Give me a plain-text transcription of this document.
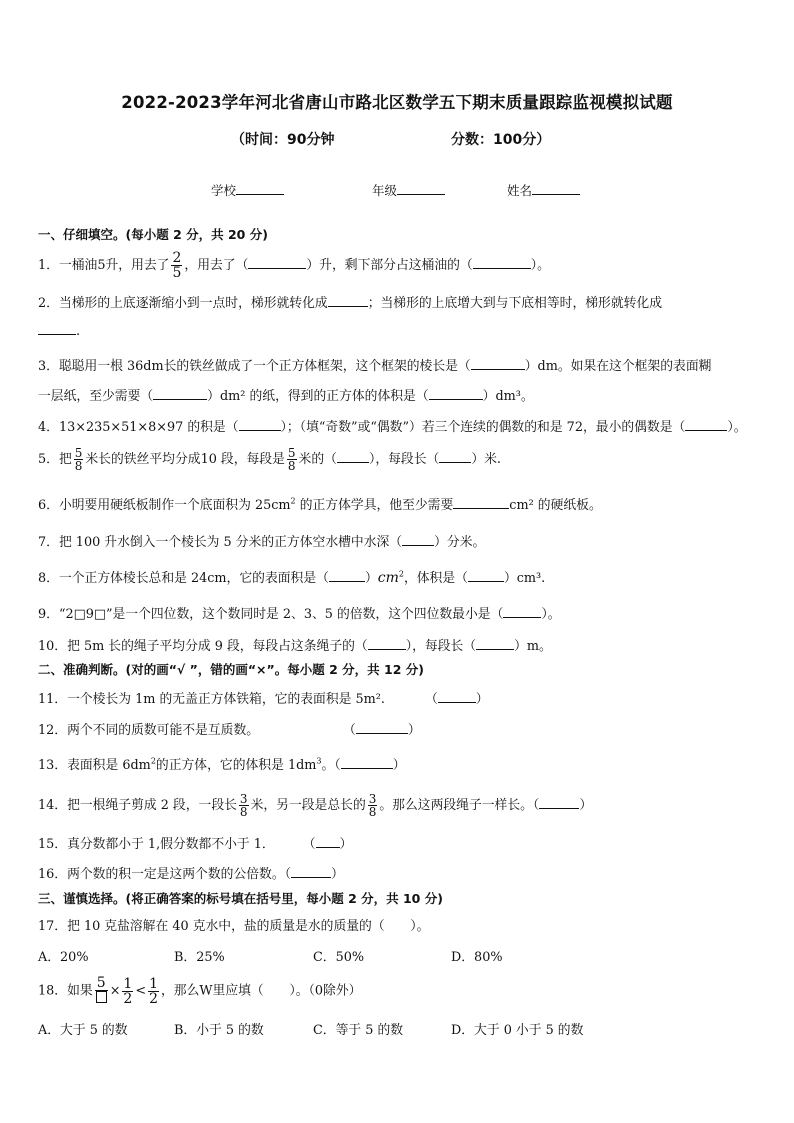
2022-2023学年河北省唐山市路北区数学五下期末质量跟踪监视模拟试题
（时间：90分钟	分数：100分）
学校	年级	姓名
一、仔细填空。(每小题 2 分，共 20 分)
1．一桶油5升，用去了 $\frac{2}{5}$ ，用去了（	）升，剩下部分占这桶油的（	）。
2．当梯形的上底逐渐缩小到一点时，梯形就转化成	；当梯形的上底增大到与下底相等时，梯形就转化成
.
3．聪聪用一根 36dm长的铁丝做成了一个正方体框架，这个框架的棱长是（	）dm。如果在这个框架的表面糊
一层纸，至少需要（	）dm² 的纸，得到的正方体的体积是（	）dm³。
4．13×235×51×8×97 的积是（	）；（填“奇数”或“偶数”）若三个连续的偶数的和是 72，最小的偶数是（	）。
5．把 $\frac{5}{8}$ 米长的铁丝平均分成10 段，每段是 $\frac{5}{8}$ 米的（	），每段长（	）米.
6．小明要用硬纸板制作一个底面积为 $25cm^2$ 的正方体学具，他至少需要	cm² 的硬纸板。
7．把 100 升水倒入一个棱长为 5 分米的正方体空水槽中水深（	）分米。
8．一个正方体棱长总和是 24cm，它的表面积是（	）$cm^2$，体积是（	）cm³.
9．“2□9□”是一个四位数，这个数同时是 2、3、5 的倍数，这个四位数最小是（	）。
10．把 5m 长的绳子平均分成 9 段，每段占这条绳子的（	），每段长（	）m。
二、准确判断。(对的画“√ ”，错的画“×”。每小题 2 分，共 12 分)
11．一个棱长为 1m 的无盖正方体铁箱，它的表面积是 5m².	（	）
12．两个不同的质数可能不是互质数。	（	）
13．表面积是 $6dm^2$的正方体，它的体积是 $1dm^3$。（	）
14．把一根绳子剪成 2 段，一段长 $\frac{3}{8}$ 米，另一段是总长的 $\frac{3}{8}$ 。那么这两段绳子一样长。（	）
15．真分数都小于 1,假分数都不小于 1． （ ）
16．两个数的积一定是这两个数的公倍数。（	）
三、谨慎选择。(将正确答案的标号填在括号里，每小题 2 分，共 10 分)
17．把 10 克盐溶解在 40 克水中，盐的质量是水的质量的（　　）。
A．20%	B．25%	C．50%	D．80%
18．如果 $5 \times \frac{1}{2} < \frac{1}{2}$ ，那么W里应填（　　）。（0除外）
A．大于 5 的数	B．小于 5 的数	C．等于 5 的数	D．大于 0 小于 5 的数
